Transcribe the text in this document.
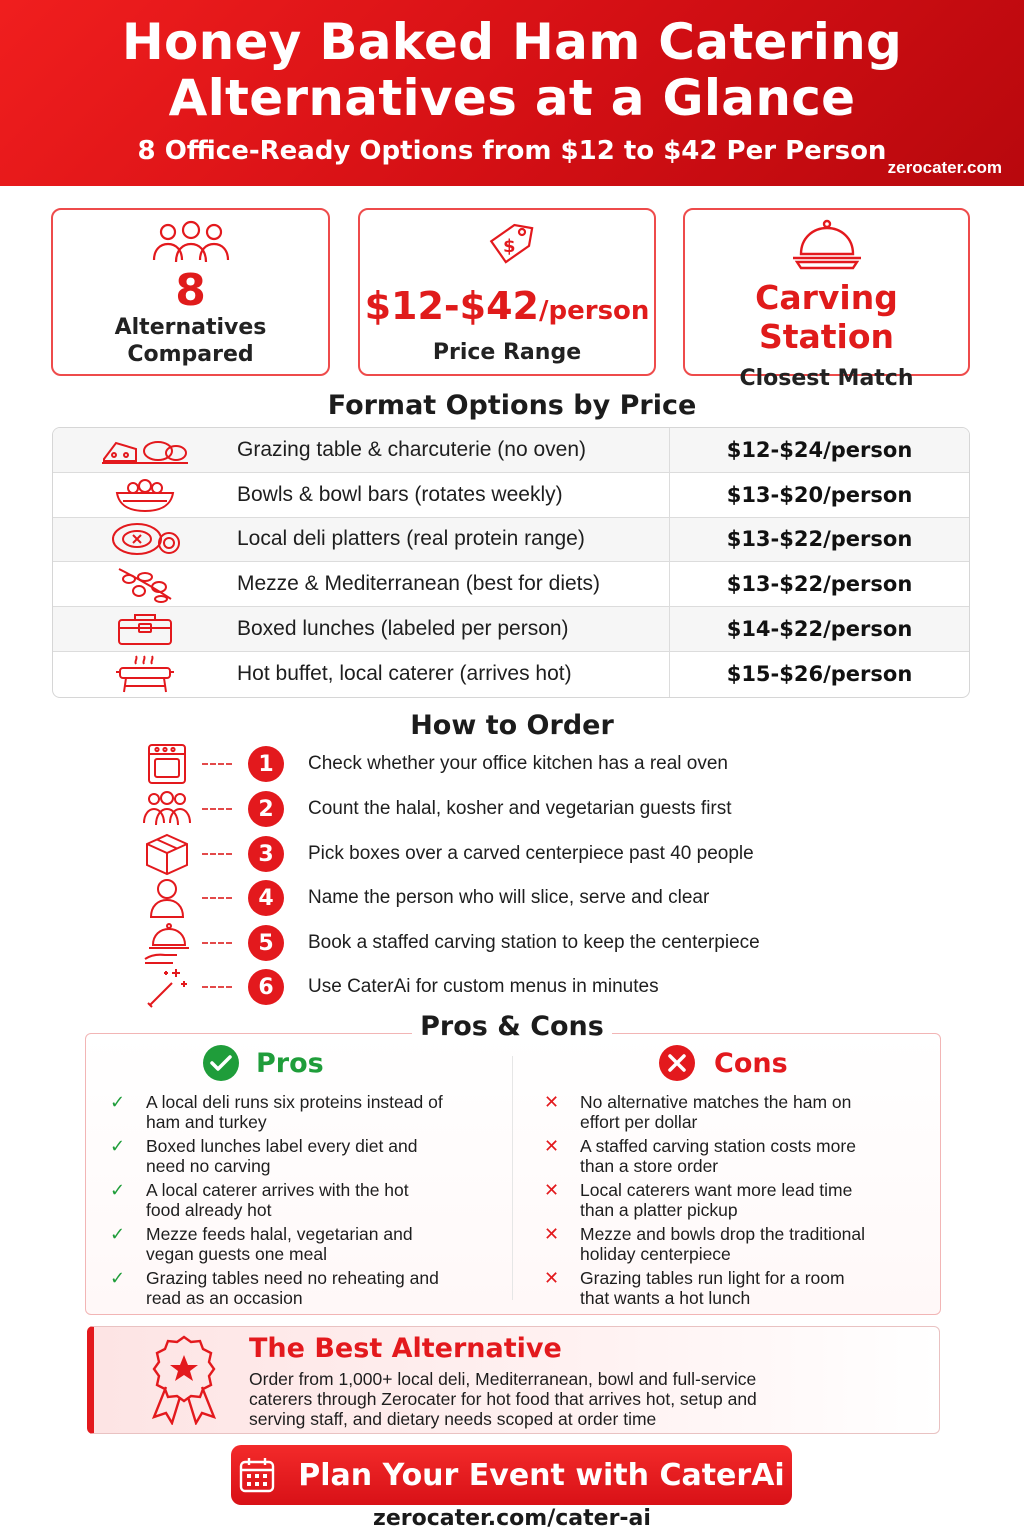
Honey Baked Ham Catering
Alternatives at a Glance
8 Office-Ready Options from $12 to $42 Per Person
zerocater.com
8
Alternatives
Compared
$
$12-$42/person
Price Range
Carving Station
Closest Match
Format Options by Price
Grazing table & charcuterie (no oven)	$12-$24/person
Bowls & bowl bars (rotates weekly)	$13-$20/person
Local deli platters (real protein range)	$13-$22/person
Mezze & Mediterranean (best for diets)	$13-$22/person
Boxed lunches (labeled per person)	$14-$22/person
Hot buffet, local caterer (arrives hot)	$15-$26/person
How to Order
1	Check whether your office kitchen has a real oven
2	Count the halal, kosher and vegetarian guests first
3	Pick boxes over a carved centerpiece past 40 people
4	Name the person who will slice, serve and clear
5	Book a staffed carving station to keep the centerpiece
6	Use CaterAi for custom menus in minutes
Pros	Cons
✓ A local deli runs six proteins instead of
ham and turkey
✓ Boxed lunches label every diet and
need no carving
✓ A local caterer arrives with the hot
food already hot
✓ Mezze feeds halal, vegetarian and
vegan guests one meal
✓ Grazing tables need no reheating and
read as an occasion
✕ No alternative matches the ham on
effort per dollar
✕ A staffed carving station costs more
than a store order
✕ Local caterers want more lead time
than a platter pickup
✕ Mezze and bowls drop the traditional
holiday centerpiece
✕ Grazing tables run light for a room
that wants a hot lunch
Pros & Cons
The Best Alternative

Order from 1,000+ local deli, Mediterranean, bowl and full-service
caterers through Zerocater for hot food that arrives hot, setup and
serving staff, and dietary needs scoped at order time

Plan Your Event with CaterAi
zerocater.com/cater-ai
